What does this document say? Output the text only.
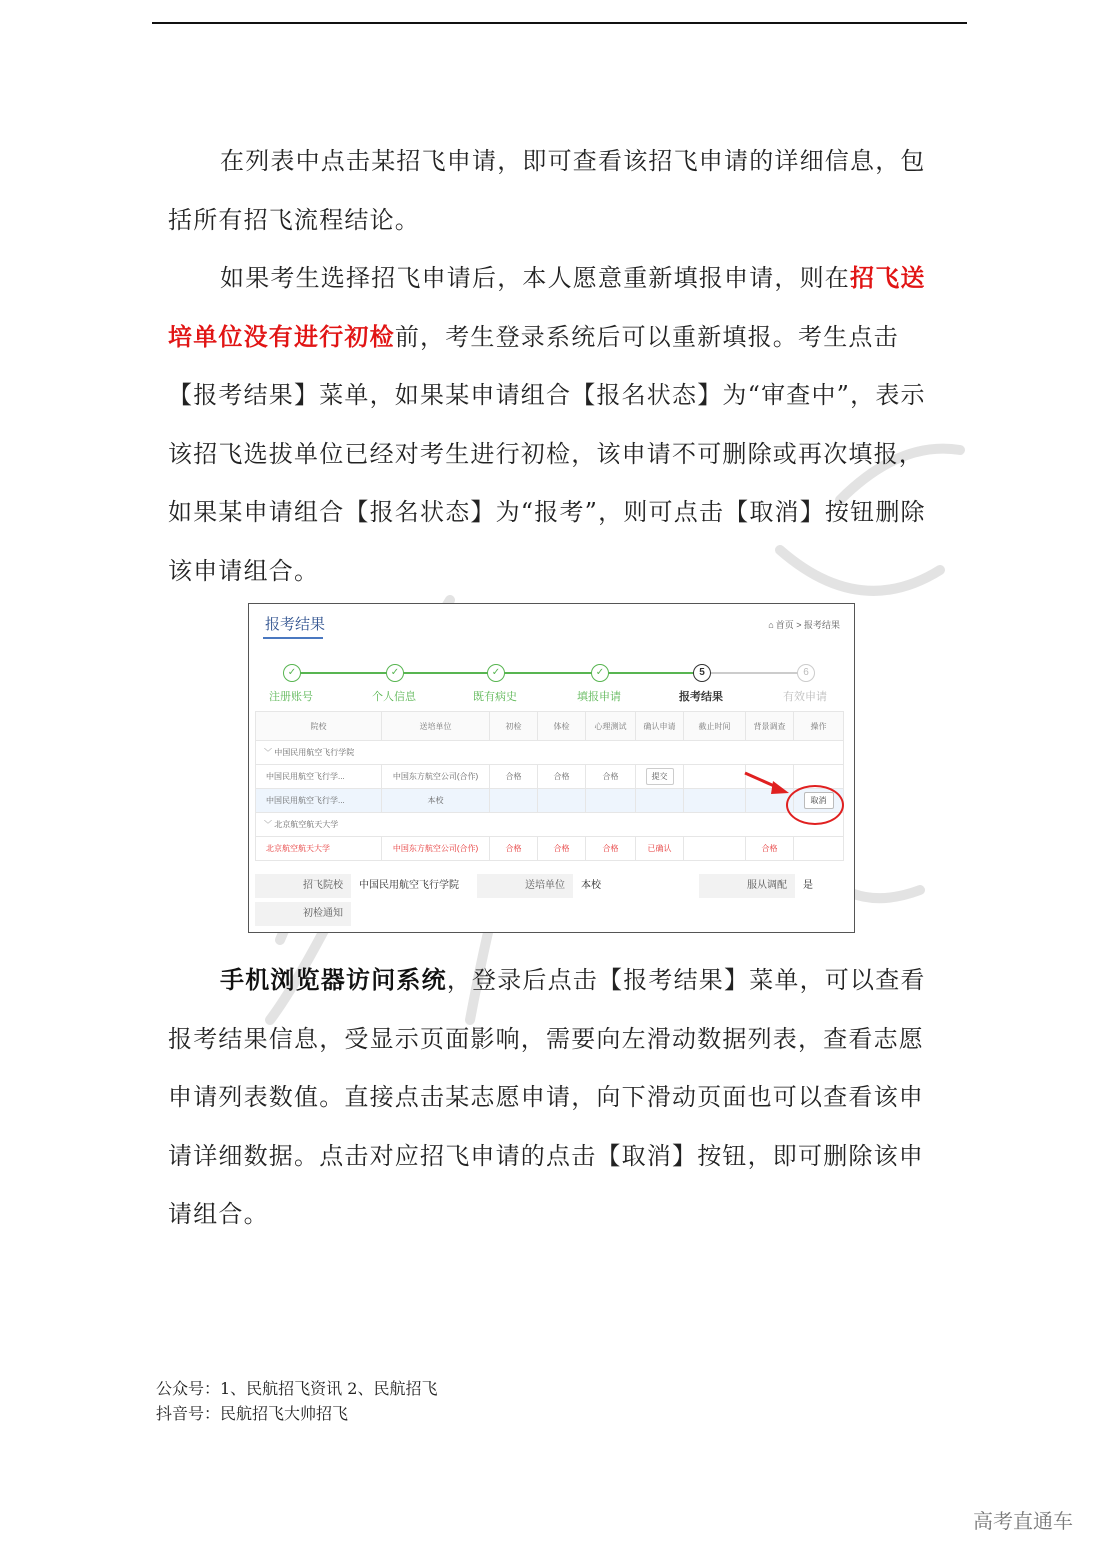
在列表中点击某招飞申请，即可查看该招飞申请的详细信息，包括所有招飞流程结论。

如果考生选择招飞申请后，本人愿意重新填报申请，则在招飞送培单位没有进行初检前，考生登录系统后可以重新填报。考生点击【报考结果】菜单，如果某申请组合【报名状态】为“审查中”，表示该招飞选拔单位已经对考生进行初检，该申请不可删除或再次填报，如果某申请组合【报名状态】为“报考”，则可点击【取消】按钮删除该申请组合。

报考结果	⌂ 首页 > 报考结果
✓
注册账号
✓
个人信息
✓
既有病史
✓
填报申请
5
报考结果
6
有效申请
院校	送培单位	初检	体检	心理测试	确认申请	截止时间	背景调查	操作
﹀ 中国民用航空飞行学院								
中国民用航空飞行学...	中国东方航空公司(合作)	合格	合格	合格	提交			
中国民用航空飞行学...	本校							取消
﹀ 北京航空航天大学								
北京航空航天大学	中国东方航空公司(合作)	合格	合格	合格	已确认		合格	
招飞院校	中国民用航空飞行学院	送培单位	本校	服从调配	是
初检通知

手机浏览器访问系统，登录后点击【报考结果】菜单，可以查看报考结果信息，受显示页面影响，需要向左滑动数据列表，查看志愿申请列表数值。直接点击某志愿申请，向下滑动页面也可以查看该申请详细数据。点击对应招飞申请的点击【取消】按钮，即可删除该申请组合。

公众号：1、民航招飞资讯 2、民航招飞
抖音号：民航招飞大帅招飞
高考直通车
